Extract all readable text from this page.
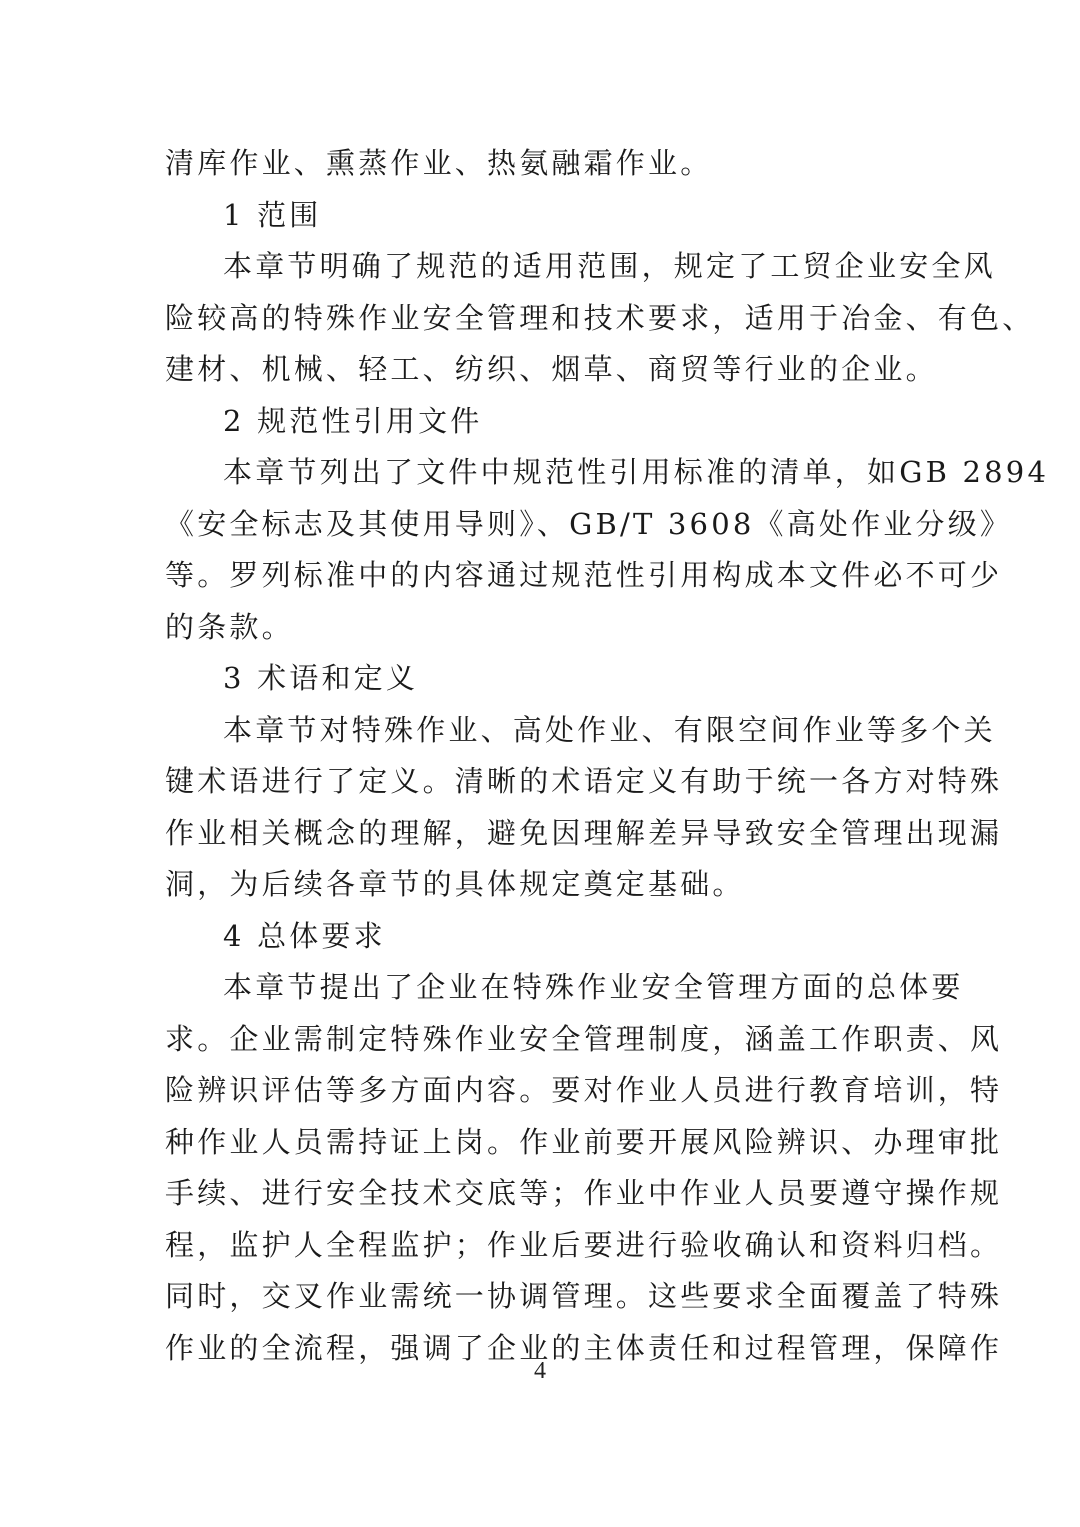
清库作业、熏蒸作业、热氨融霜作业。
1 范围
本章节明确了规范的适用范围，规定了工贸企业安全风
险较高的特殊作业安全管理和技术要求，适用于冶金、有色、
建材、机械、轻工、纺织、烟草、商贸等行业的企业。
2 规范性引用文件
本章节列出了文件中规范性引用标准的清单，如GB 2894
《安全标志及其使用导则》、GB/T 3608《高处作业分级》
等。罗列标准中的内容通过规范性引用构成本文件必不可少
的条款。
3 术语和定义
本章节对特殊作业、高处作业、有限空间作业等多个关
键术语进行了定义。清晰的术语定义有助于统一各方对特殊
作业相关概念的理解，避免因理解差异导致安全管理出现漏
洞，为后续各章节的具体规定奠定基础。
4 总体要求
本章节提出了企业在特殊作业安全管理方面的总体要
求。企业需制定特殊作业安全管理制度，涵盖工作职责、风
险辨识评估等多方面内容。要对作业人员进行教育培训，特
种作业人员需持证上岗。作业前要开展风险辨识、办理审批
手续、进行安全技术交底等；作业中作业人员要遵守操作规
程，监护人全程监护；作业后要进行验收确认和资料归档。
同时，交叉作业需统一协调管理。这些要求全面覆盖了特殊
作业的全流程，强调了企业的主体责任和过程管理，保障作
4
